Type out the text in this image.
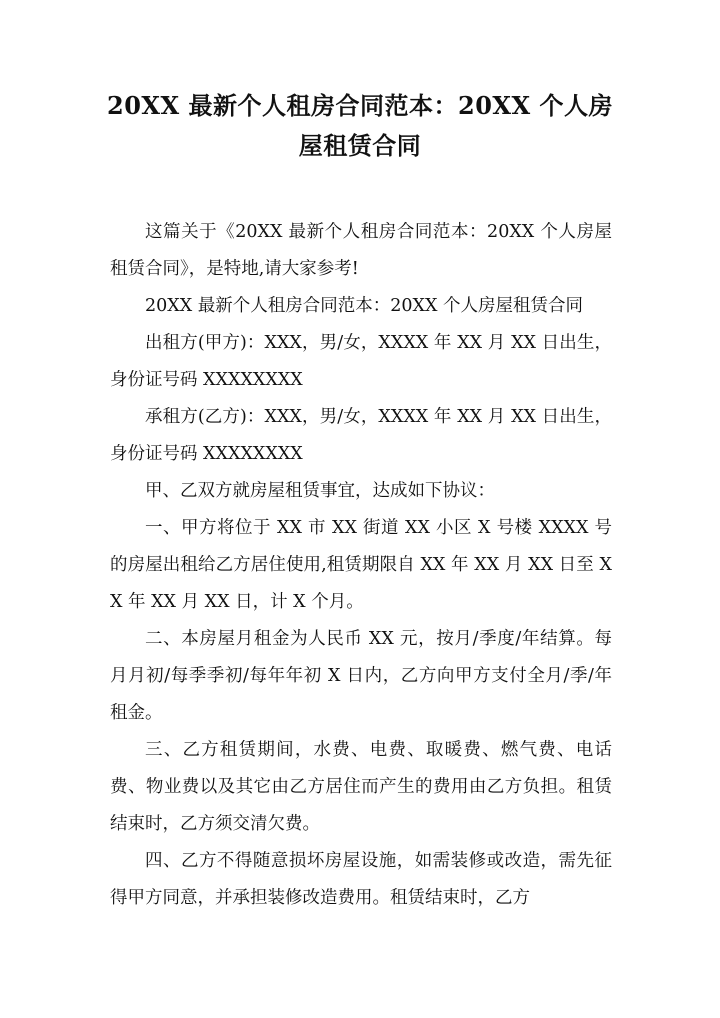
20XX 最新个人租房合同范本：20XX 个人房屋租赁合同

这篇关于《20XX 最新个人租房合同范本：20XX 个人房屋租赁合同》，是特地,请大家参考!

20XX 最新个人租房合同范本：20XX 个人房屋租赁合同

出租方(甲方)：XXX，男/女，XXXX 年 XX 月 XX 日出生，身份证号码 XXXXXXXX

承租方(乙方)：XXX，男/女，XXXX 年 XX 月 XX 日出生，身份证号码 XXXXXXXX

甲、乙双方就房屋租赁事宜，达成如下协议：

一、甲方将位于 XX 市 XX 街道 XX 小区 X 号楼 XXXX 号的房屋出租给乙方居住使用,租赁期限自 XX 年 XX 月 XX 日至 XX 年 XX 月 XX 日，计 X 个月。

二、本房屋月租金为人民币 XX 元，按月/季度/年结算。每月月初/每季季初/每年年初 X 日内，乙方向甲方支付全月/季/年租金。

三、乙方租赁期间，水费、电费、取暖费、燃气费、电话费、物业费以及其它由乙方居住而产生的费用由乙方负担。租赁结束时，乙方须交清欠费。

四、乙方不得随意损坏房屋设施，如需装修或改造，需先征得甲方同意，并承担装修改造费用。租赁结束时，乙方
